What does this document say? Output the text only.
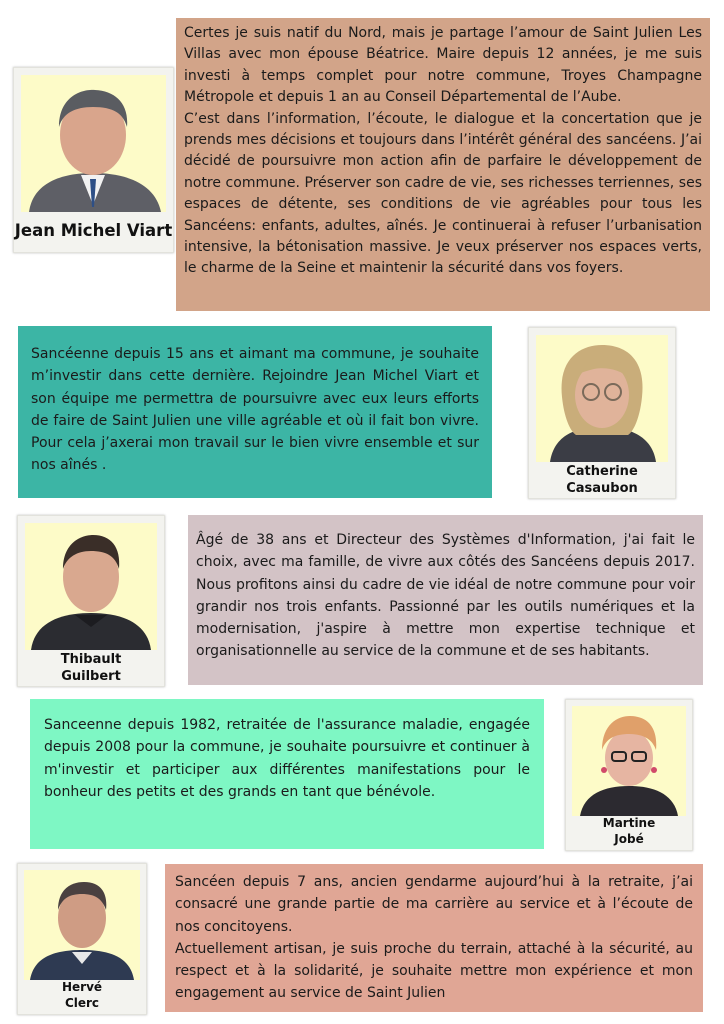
Jean Michel Viart

Certes je suis natif du Nord, mais je partage l’amour de Saint Julien Les Villas avec mon épouse Béatrice. Maire depuis 12 années, je me suis investi à temps complet pour notre commune, Troyes Champagne Métropole et depuis 1 an au Conseil Départemental de l’Aube.

C’est dans l’information, l’écoute, le dialogue et la concertation que je prends mes décisions et toujours dans l’intérêt général des sancéens. J’ai décidé de poursuivre mon action afin de parfaire le développement de notre commune. Préserver son cadre de vie, ses richesses terriennes, ses espaces de détente, ses conditions de vie agréables pour tous les Sancéens: enfants, adultes, aînés. Je continuerai à refuser l’urbanisation intensive, la bétonisation massive. Je veux préserver nos espaces verts, le charme de la Seine et maintenir la sécurité dans vos foyers.

Sancéenne depuis 15 ans et aimant ma commune, je souhaite m’investir dans cette dernière. Rejoindre Jean Michel Viart et son équipe me permettra de poursuivre avec eux leurs efforts de faire de Saint Julien une ville agréable et où il fait bon vivre. Pour cela j’axerai mon travail sur le bien vivre ensemble et sur nos aînés .	Catherine
Casaubon
Thibault
Guilbert

Âgé de 38 ans et Directeur des Systèmes d'Information, j'ai fait le choix, avec ma famille, de vivre aux côtés des Sancéens depuis 2017. Nous profitons ainsi du cadre de vie idéal de notre commune pour voir grandir nos trois enfants. Passionné par les outils numériques et la modernisation, j'aspire à mettre mon expertise technique et organisationnelle au service de la commune et de ses habitants.

Sanceenne depuis 1982, retraitée de l'assurance maladie, engagée depuis 2008 pour la commune, je souhaite poursuivre et continuer à m'investir et participer aux différentes manifestations pour le bonheur des petits et des grands en tant que bénévole.

Martine
Jobé
Hervé
Clerc

Sancéen depuis 7 ans, ancien gendarme aujourd’hui à la retraite, j’ai consacré une grande partie de ma carrière au service et à l’écoute de nos concitoyens.

Actuellement artisan, je suis proche du terrain, attaché à la sécurité, au respect et à la solidarité, je souhaite mettre mon expérience et mon engagement au service de Saint Julien
